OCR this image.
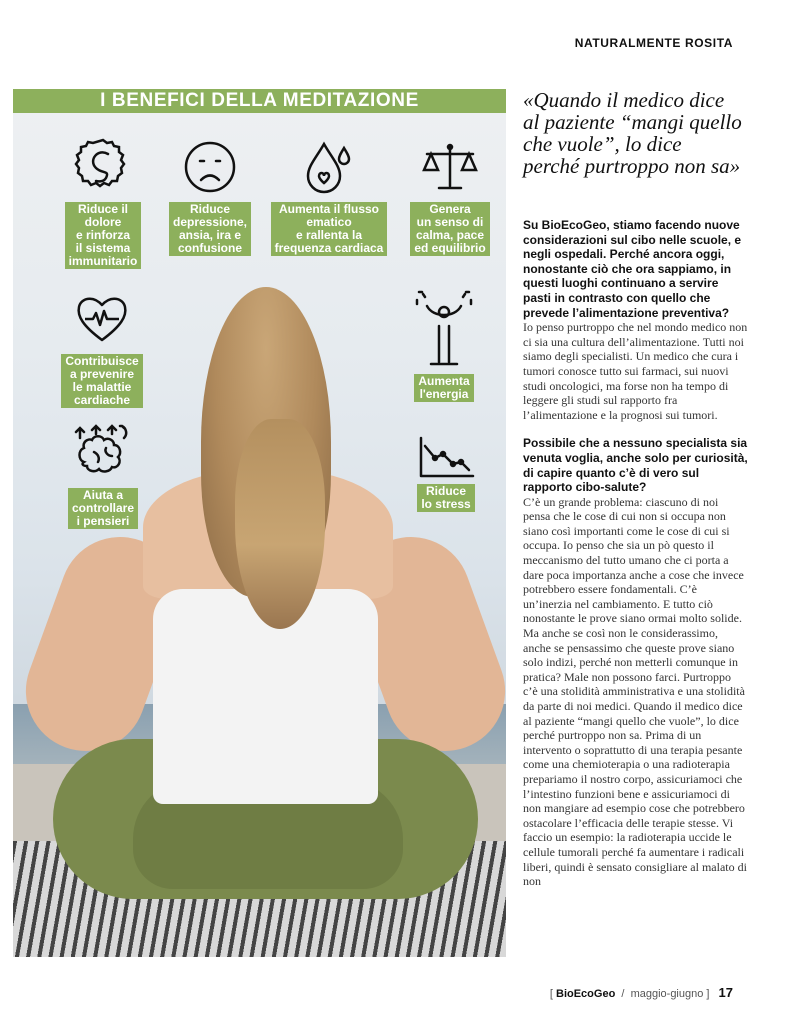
NATURALMENTE ROSITA
I BENEFICI DELLA MEDITAZIONE
Riduce il
dolore
e rinforza
il sistema
immunitario
Riduce
depressione,
ansia, ira e
confusione
Aumenta il flusso
ematico
e rallenta la
frequenza cardiaca
Genera
un senso di
calma, pace
ed equilibrio
Contribuisce
a prevenire
le malattie
cardiache
Aumenta
l'energia
Aiuta a
controllare
i pensieri
Riduce
lo stress
«Quando il medico dice al paziente “mangi quello che vuole”, lo dice perché purtroppo non sa»

Su BioEcoGeo, stiamo facendo nuove considerazioni sul cibo nelle scuole, e negli ospedali. Perché ancora oggi, nonostante ciò che ora sappiamo, in questi luoghi continuano a servire pasti in contrasto con quello che prevede l’alimentazione preventiva?

Io penso purtroppo che nel mondo medico non ci sia una cultura dell’alimentazione. Tutti noi siamo degli specialisti. Un medico che cura i tumori conosce tutto sui farmaci, sui nuovi studi oncologici, ma forse non ha tempo di leggere gli studi sul rapporto fra l’alimentazione e la prognosi sui tumori.

Possibile che a nessuno specialista sia venuta voglia, anche solo per curiosità, di capire quanto c’è di vero sul rapporto cibo-salute?

C’è un grande problema: ciascuno di noi pensa che le cose di cui non si occupa non siano così importanti come le cose di cui si occupa. Io penso che sia un pò questo il meccanismo del tutto umano che ci porta a dare poca importanza anche a cose che invece potrebbero essere fondamentali. C’è un’inerzia nel cambiamento. E tutto ciò nonostante le prove siano ormai molto solide.

Ma anche se così non le considerassimo, anche se pensassimo che queste prove siano solo indizi, perché non metterli comunque in pratica? Male non possono farci. Purtroppo c’è una stolidità amministrativa e una stolidità da parte di noi medici. Quando il medico dice al paziente “mangi quello che vuole”, lo dice perché purtroppo non sa. Prima di un intervento o soprattutto di una terapia pesante come una chemioterapia o una radioterapia prepariamo il nostro corpo, assicuriamoci che l’intestino funzioni bene e assicuriamoci di non mangiare ad esempio cose che potrebbero ostacolare l’efficacia delle terapie stesse. Vi faccio un esempio: la radioterapia uccide le cellule tumorali perché fa aumentare i radicali liberi, quindi è sensato consigliare al malato di non

[ BioEcoGeo  /  maggio-giugno ] 17
